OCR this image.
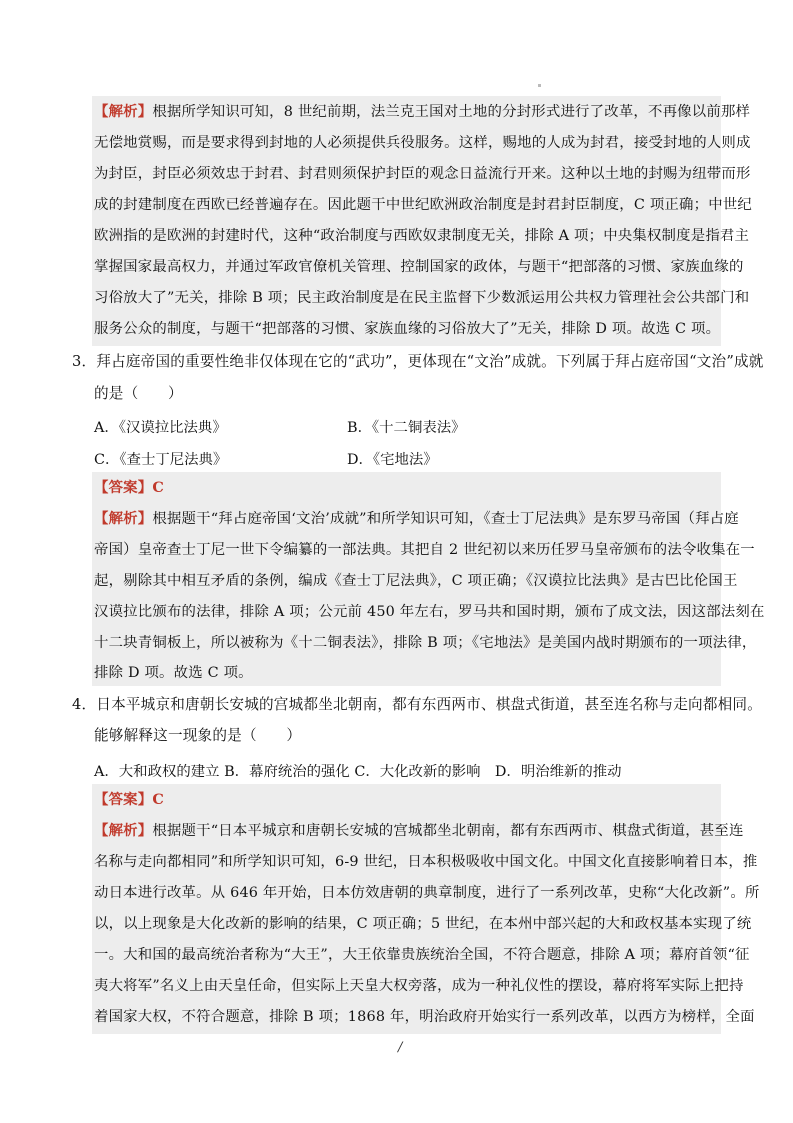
【解析】根据所学知识可知，8 世纪前期，法兰克王国对土地的分封形式进行了改革，不再像以前那样
无偿地赏赐，而是要求得到封地的人必须提供兵役服务。这样，赐地的人成为封君，接受封地的人则成
为封臣，封臣必须效忠于封君、封君则须保护封臣的观念日益流行开来。这种以土地的封赐为纽带而形
成的封建制度在西欧已经普遍存在。因此题干中世纪欧洲政治制度是封君封臣制度，C 项正确；中世纪
欧洲指的是欧洲的封建时代，这种“政治制度与西欧奴隶制度无关，排除 A 项；中央集权制度是指君主
掌握国家最高权力，并通过军政官僚机关管理、控制国家的政体，与题干“把部落的习惯、家族血缘的
习俗放大了”无关，排除 B 项；民主政治制度是在民主监督下少数派运用公共权力管理社会公共部门和
服务公众的制度，与题干“把部落的习惯、家族血缘的习俗放大了”无关，排除 D 项。故选 C 项。
3．拜占庭帝国的重要性绝非仅体现在它的“武功”，更体现在“文治”成就。下列属于拜占庭帝国“文治”成就
的是（　　）
A．《汉谟拉比法典》	B．《十二铜表法》
C．《查士丁尼法典》	D．《宅地法》
【答案】C
【解析】根据题干“拜占庭帝国‘文治’成就”和所学知识可知，《查士丁尼法典》是东罗马帝国（拜占庭
帝国）皇帝查士丁尼一世下令编纂的一部法典。其把自 2 世纪初以来历任罗马皇帝颁布的法令收集在一
起，剔除其中相互矛盾的条例，编成《查士丁尼法典》，C 项正确；《汉谟拉比法典》是古巴比伦国王
汉谟拉比颁布的法律，排除 A 项；公元前 450 年左右，罗马共和国时期，颁布了成文法，因这部法刻在
十二块青铜板上，所以被称为《十二铜表法》，排除 B 项；《宅地法》是美国内战时期颁布的一项法律，
排除 D 项。故选 C 项。
4．日本平城京和唐朝长安城的宫城都坐北朝南，都有东西两市、棋盘式街道，甚至连名称与走向都相同。
能够解释这一现象的是（　　）
A．大和政权的建立 B．幕府统治的强化 C．大化改新的影响　D．明治维新的推动
【答案】C
【解析】根据题干“日本平城京和唐朝长安城的宫城都坐北朝南，都有东西两市、棋盘式街道，甚至连
名称与走向都相同”和所学知识可知，6-9 世纪，日本积极吸收中国文化。中国文化直接影响着日本，推
动日本进行改革。从 646 年开始，日本仿效唐朝的典章制度，进行了一系列改革，史称“大化改新”。所
以，以上现象是大化改新的影响的结果，C 项正确；5 世纪，在本州中部兴起的大和政权基本实现了统
一。大和国的最高统治者称为“大王”，大王依靠贵族统治全国，不符合题意，排除 A 项；幕府首领“征
夷大将军”名义上由天皇任命，但实际上天皇大权旁落，成为一种礼仪性的摆设，幕府将军实际上把持
着国家大权，不符合题意，排除 B 项；1868 年，明治政府开始实行一系列改革，以西方为榜样，全面
/
